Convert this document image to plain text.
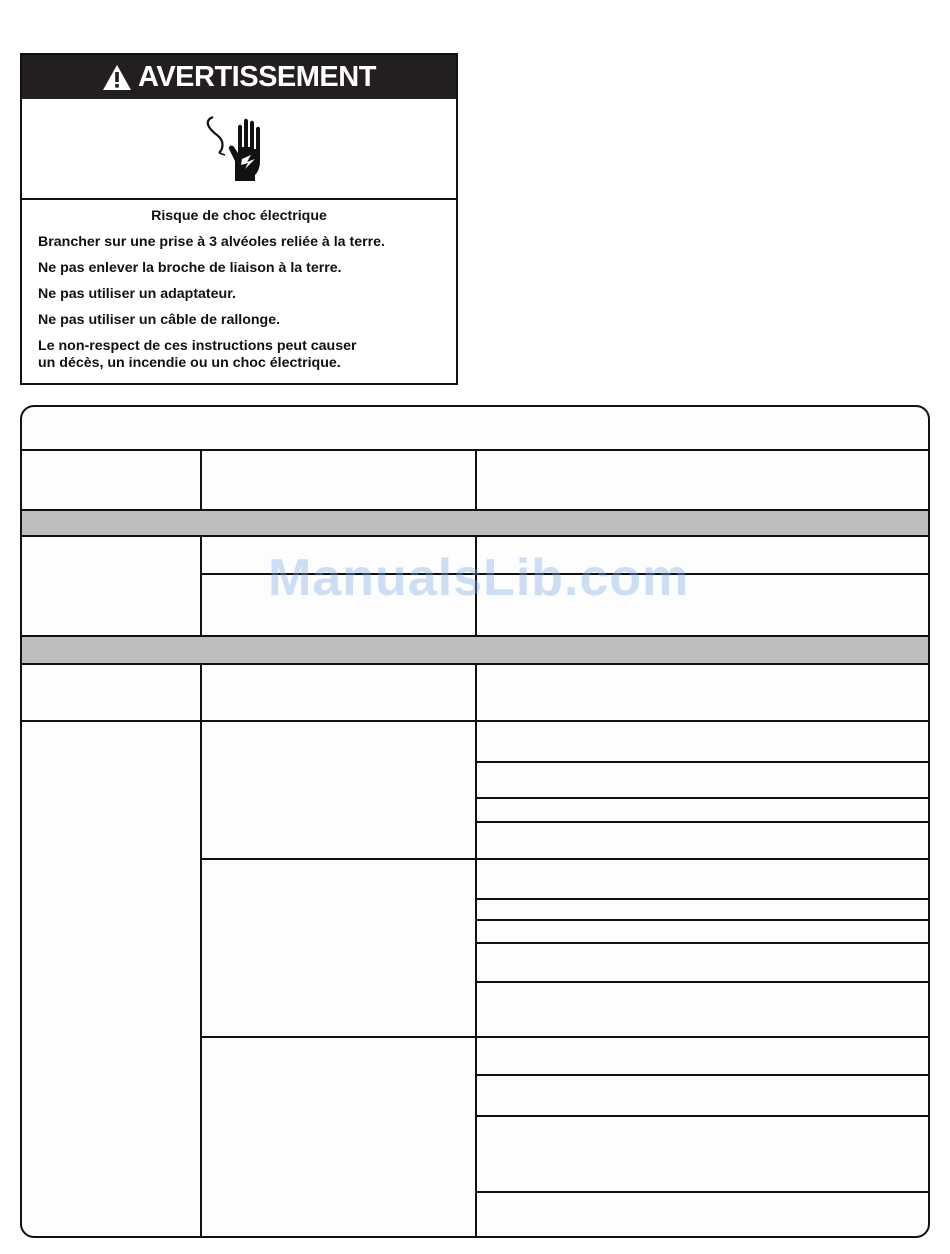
AVERTISSEMENT
Risque de choc électrique
Brancher sur une prise à 3 alvéoles reliée à la terre.
Ne pas enlever la broche de liaison à la terre.
Ne pas utiliser un adaptateur.
Ne pas utiliser un câble de rallonge.
Le non-respect de ces instructions peut causer
un décès, un incendie ou un choc électrique.
ManualsLib.com
